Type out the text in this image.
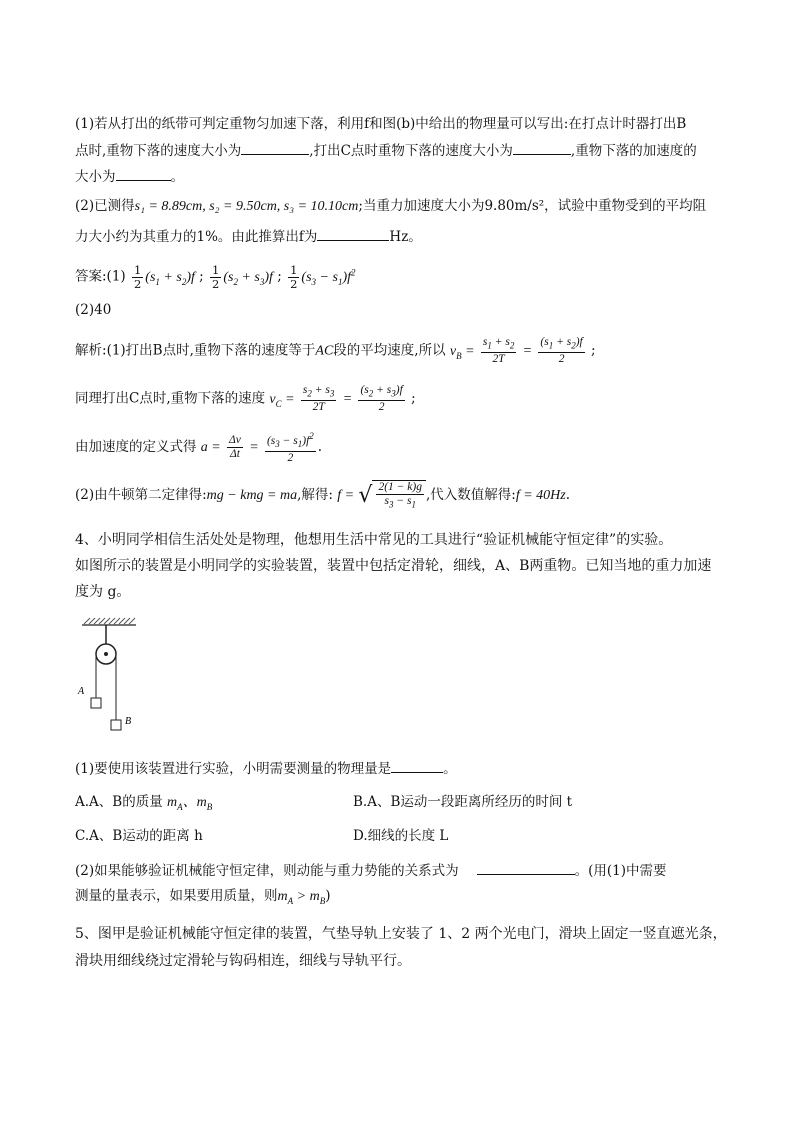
(1)若从打出的纸带可判定重物匀加速下落，利用f和图(b)中给出的物理量可以写出:在打点计时器打出B
点时,重物下落的速度大小为	,打出C点时重物下落的速度大小为	,重物下落的加速度的
大小为	。
(2)已测得s₁ = 8.89cm, s₂ = 9.50cm, s₃ = 10.10cm;当重力加速度大小为9.80m/s²，试验中重物受到的平均阻
力大小约为其重力的1%。由此推算出f为	Hz。
答案:(1) $\frac{1}{2} (s_1 + s_2)f$ ; $\frac{1}{2} (s_2 + s_3)f$ ; $\frac{1}{2} (s_3 - s_1)f^2$
(2)40
解析:(1)打出B点时,重物下落的速度等于AC段的平均速度,所以 $v_B = \frac{s_1 + s_2}{2T} = \frac{(s_1 + s_2)f}{2}$ ;
同理打出C点时,重物下落的速度 $v_C = \frac{s_2 + s_3}{2T} = \frac{(s_2 + s_3)f}{2}$ ;
由加速度的定义式得 $a = \frac{\Delta v}{\Delta t} = \frac{(s_3 - s_1)f^2}{2}$ .
(2)由牛顿第二定律得:mg − kmg = ma,解得: f = √ $\frac{2(1 - k)g}{s_3 - s_1}$ ,代入数值解得:f = 40Hz.
4、小明同学相信生活处处是物理，他想用生活中常见的工具进行“验证机械能守恒定律”的实验。
如图所示的装置是小明同学的实验装置，装置中包括定滑轮，细线，A、B两重物。已知当地的重力加速
度为 g。
A
B
(1)要使用该装置进行实验，小明需要测量的物理量是	。
A.A、B的质量 $m_A$、$m_B$	B.A、B运动一段距离所经历的时间 t
C.A、B运动的距离 h	D.细线的长度 L
(2)如果能够验证机械能守恒定律，则动能与重力势能的关系式为	。(用(1)中需要
测量的量表示，如果要用质量，则$m_A > m_B$)
5、图甲是验证机械能守恒定律的装置，气垫导轨上安装了 1、2 两个光电门，滑块上固定一竖直遮光条，
滑块用细线绕过定滑轮与钩码相连，细线与导轨平行。
